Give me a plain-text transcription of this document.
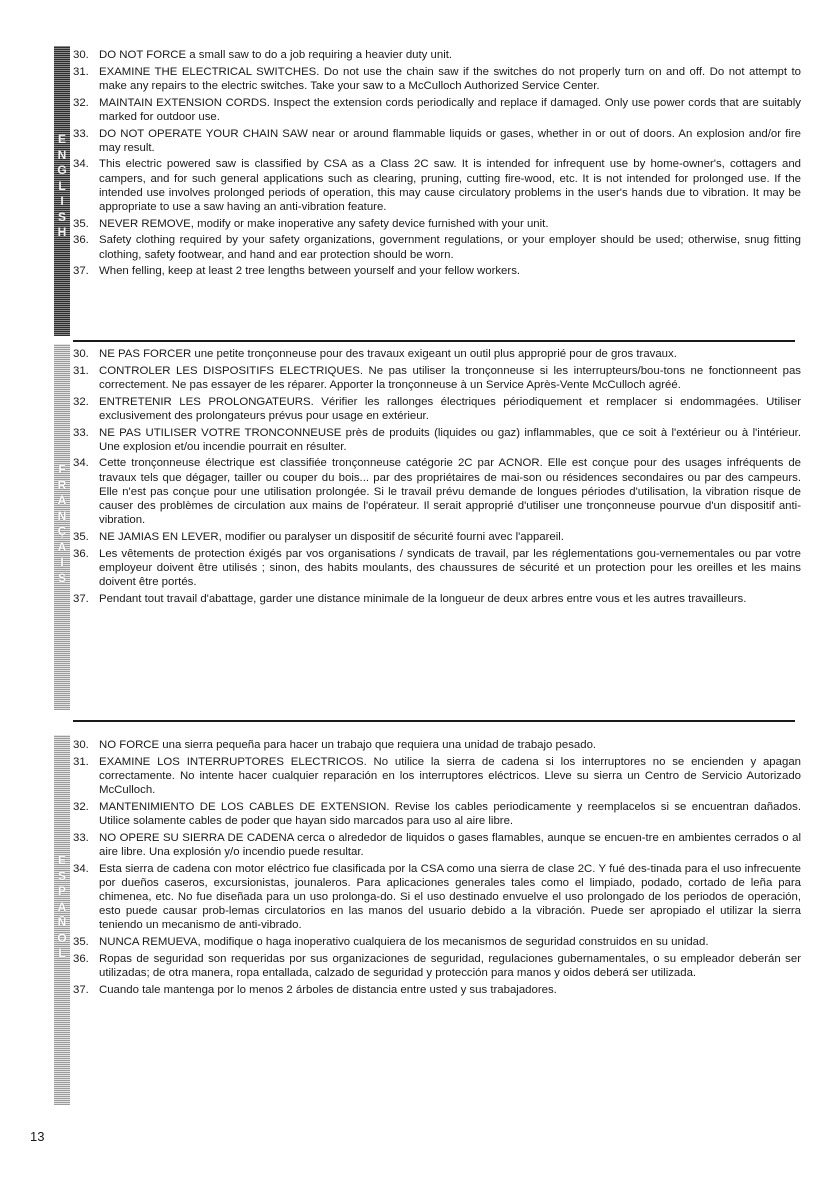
E
N
G
L
I
S
H
30. DO NOT FORCE a small saw to do a job requiring a heavier duty unit.
31. EXAMINE THE ELECTRICAL SWITCHES. Do not use the chain saw if the switches do not properly turn on and off. Do not attempt to make any repairs to the electric switches. Take your saw to a McCulloch Authorized Service Center.
32. MAINTAIN EXTENSION CORDS. Inspect the extension cords periodically and replace if damaged. Only use power cords that are suitably marked for outdoor use.
33. DO NOT OPERATE YOUR CHAIN SAW near or around flammable liquids or gases, whether in or out of doors. An explosion and/or fire may result.
34. This electric powered saw is classified by CSA as a Class 2C saw. It is intended for infrequent use by home-owner's, cottagers and campers, and for such general applications such as clearing, pruning, cutting fire-wood, etc. It is not intended for prolonged use. If the intended use involves prolonged periods of operation, this may cause circulatory problems in the user's hands due to vibration. It may be appropriate to use a saw having an anti-vibration feature.
35. NEVER REMOVE, modify or make inoperative any safety device furnished with your unit.
36. Safety clothing required by your safety organizations, government regulations, or your employer should be used; otherwise, snug fitting clothing, safety footwear, and hand and ear protection should be worn.
37. When felling, keep at least 2 tree lengths between yourself and your fellow workers.
F
R
A
N
Ç
A
I
S
30. NE PAS FORCER une petite tronçonneuse pour des travaux exigeant un outil plus approprié pour de gros travaux.
31. CONTROLER LES DISPOSITIFS ELECTRIQUES. Ne pas utiliser la tronçonneuse si les interrupteurs/bou-tons ne fonctionneent pas correctement. Ne pas essayer de les réparer. Apporter la tronçonneuse à un Service Après-Vente McCulloch agréé.
32. ENTRETENIR LES PROLONGATEURS. Vérifier les rallonges électriques périodiquement et remplacer si endommagées. Utiliser exclusivement des prolongateurs prévus pour usage en extérieur.
33. NE PAS UTILISER VOTRE TRONCONNEUSE près de produits (liquides ou gaz) inflammables, que ce soit à l'extérieur ou à l'intérieur. Une explosion et/ou incendie pourrait en résulter.
34. Cette tronçonneuse électrique est classifiée tronçonneuse catégorie 2C par ACNOR. Elle est conçue pour des usages infréquents de travaux tels que dégager, tailler ou couper du bois... par des propriétaires de mai-son ou résidences secondaires ou par des campeurs. Elle n'est pas conçue pour une utilisation prolongée. Si le travail prévu demande de longues périodes d'utilisation, la vibration risque de causer des problèmes de circulation aux mains de l'opérateur. Il serait approprié d'utiliser une tronçonneuse pourvue d'un dispositif anti-vibration.
35. NE JAMIAS EN LEVER, modifier ou paralyser un dispositif de sécurité fourni avec l'appareil.
36. Les vêtements de protection éxigés par vos organisations / syndicats de travail, par les réglementations gou-vernementales ou par votre employeur doivent être utilisés ; sinon, des habits moulants, des chaussures de sécurité et un protection pour les oreilles et les mains doivent être portés.
37. Pendant tout travail d'abattage, garder une distance minimale de la longueur de deux arbres entre vous et les autres travailleurs.
E
S
P
A
Ñ
O
L
30. NO FORCE una sierra pequeña para hacer un trabajo que requiera una unidad de trabajo pesado.
31. EXAMINE LOS INTERRUPTORES ELECTRICOS. No utilice la sierra de cadena si los interruptores no se encienden y apagan correctamente. No intente hacer cualquier reparación en los interruptores eléctricos. Lleve su sierra un Centro de Servicio Autorizado McCulloch.
32. MANTENIMIENTO DE LOS CABLES DE EXTENSION. Revise los cables periodicamente y reemplacelos si se encuentran dañados. Utilice solamente cables de poder que hayan sido marcados para uso al aire libre.
33. NO OPERE SU SIERRA DE CADENA cerca o alrededor de liquidos o gases flamables, aunque se encuen-tre en ambientes cerrados o al aire libre. Una explosión y/o incendio puede resultar.
34. Esta sierra de cadena con motor eléctrico fue clasificada por la CSA como una sierra de clase 2C. Y fué des-tinada para el uso infrecuente por dueños caseros, excursionistas, jounaleros. Para aplicaciones generales tales como el limpiado, podado, cortado de leña para chimenea, etc. No fue diseñada para un uso prolonga-do. Si el uso destinado envuelve el uso prolongado de los periodos de operación, esto puede causar prob-lemas circulatorios en las manos del usuario debido a la vibración. Puede ser apropiado el utilizar la sierra teniendo un mecanismo de anti-vibrado.
35. NUNCA REMUEVA, modifique o haga inoperativo cualquiera de los mecanismos de seguridad construidos en su unidad.
36. Ropas de seguridad son requeridas por sus organizaciones de seguridad, regulaciones gubernamentales, o su empleador deberán ser utilizadas; de otra manera, ropa entallada, calzado de seguridad y protección para manos y oidos deberá ser utilizada.
37. Cuando tale mantenga por lo menos 2 árboles de distancia entre usted y sus trabajadores.
13
